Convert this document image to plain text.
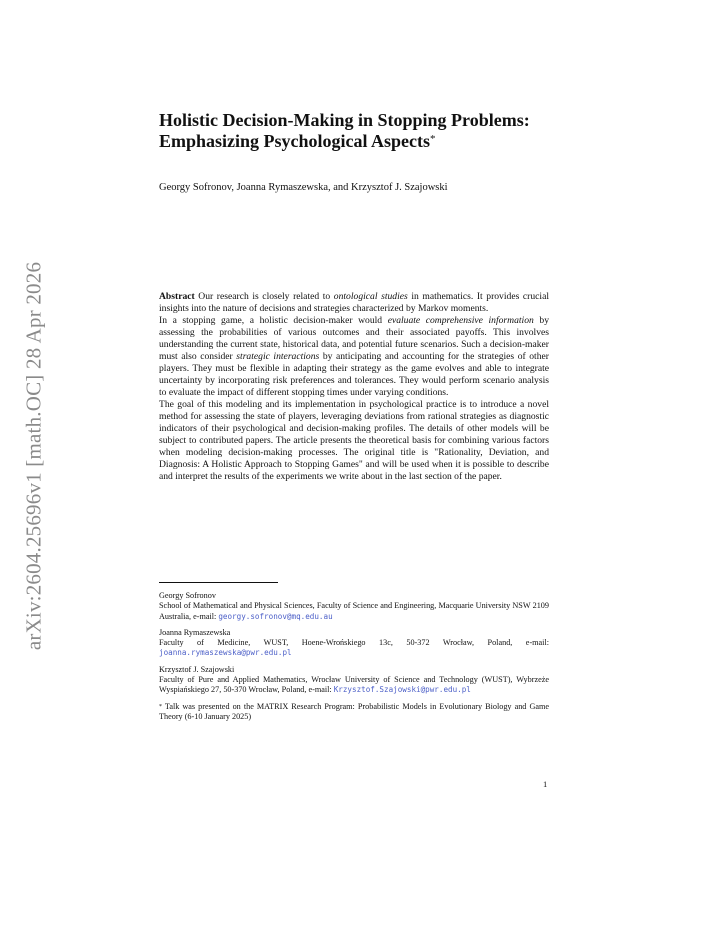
arXiv:2604.25696v1 [math.OC] 28 Apr 2026
Holistic Decision-Making in Stopping Problems:
Emphasizing Psychological Aspects*
Georgy Sofronov, Joanna Rymaszewska, and Krzysztof J. Szajowski

Abstract Our research is closely related to ontological studies in mathematics. It provides crucial insights into the nature of decisions and strategies characterized by Markov moments.

In a stopping game, a holistic decision-maker would evaluate comprehensive information by assessing the probabilities of various outcomes and their associated payoffs. This involves understanding the current state, historical data, and potential future scenarios. Such a decision-maker must also consider strategic interactions by anticipating and accounting for the strategies of other players. They must be flexible in adapting their strategy as the game evolves and able to integrate uncertainty by incorporating risk preferences and tolerances. They would perform scenario analysis to evaluate the impact of different stopping times under varying conditions.

The goal of this modeling and its implementation in psychological practice is to introduce a novel method for assessing the state of players, leveraging deviations from rational strategies as diagnostic indicators of their psychological and decision-making profiles. The details of other models will be subject to contributed papers. The article presents the theoretical basis for combining various factors when modeling decision-making processes. The original title is "Rationality, Deviation, and Diagnosis: A Holistic Approach to Stopping Games" and will be used when it is possible to describe and interpret the results of the experiments we write about in the last section of the paper.

Georgy Sofronov
School of Mathematical and Physical Sciences, Faculty of Science and Engineering, Macquarie University NSW 2109 Australia, e-mail: georgy.sofronov@mq.edu.au
Joanna Rymaszewska
Faculty of Medicine, WUST, Hoene-Wrońskiego 13c, 50-372 Wrocław, Poland, e-mail: joanna.rymaszewska@pwr.edu.pl
Krzysztof J. Szajowski
Faculty of Pure and Applied Mathematics, Wrocław University of Science and Technology (WUST), Wybrzeże Wyspiańskiego 27, 50-370 Wrocław, Poland, e-mail: Krzysztof.Szajowski@pwr.edu.pl
* Talk was presented on the MATRIX Research Program: Probabilistic Models in Evolutionary Biology and Game Theory (6-10 January 2025)
1
